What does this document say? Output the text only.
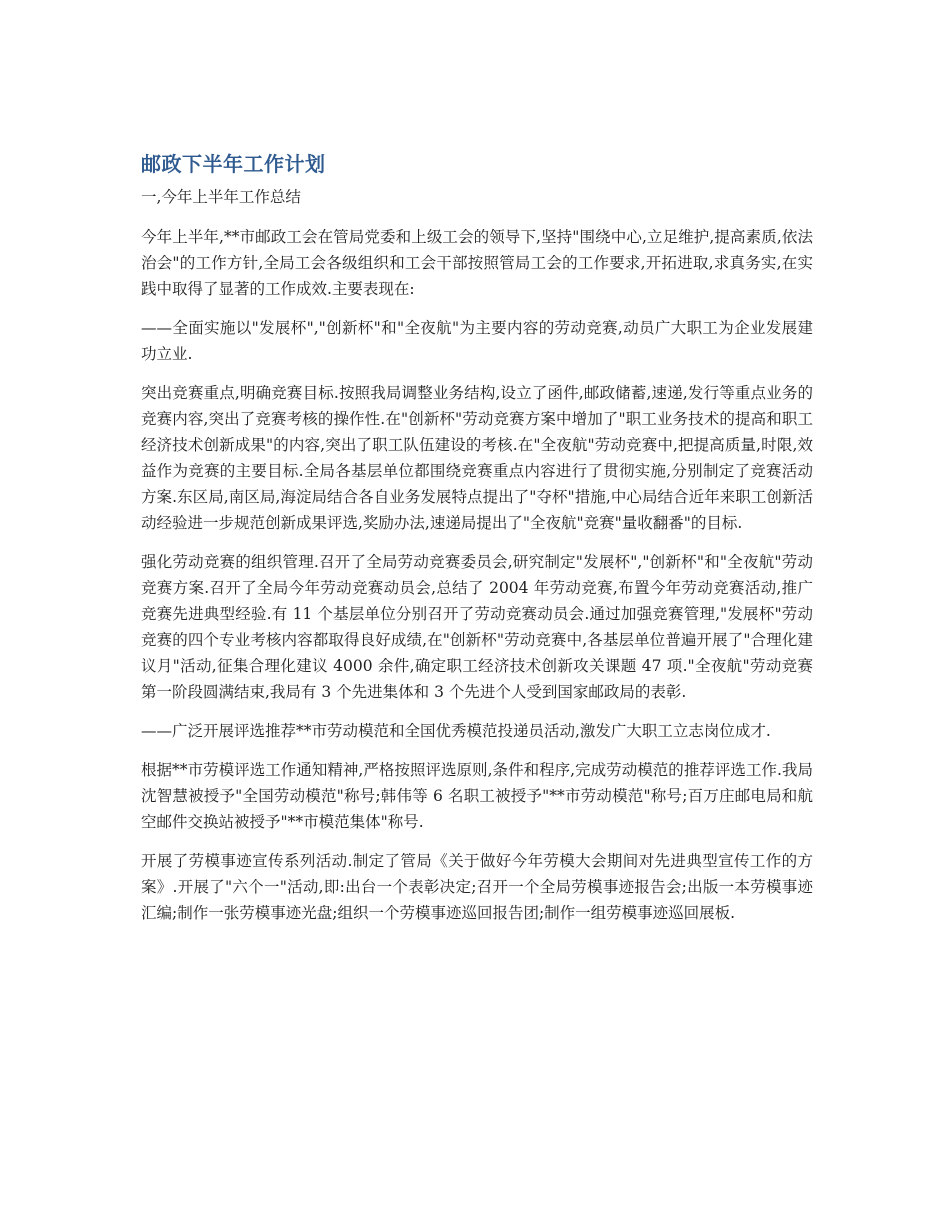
邮政下半年工作计划
一,今年上半年工作总结

今年上半年,**市邮政工会在管局党委和上级工会的领导下,坚持"围绕中心,立足维护,提高素质,依法治会"的工作方针,全局工会各级组织和工会干部按照管局工会的工作要求,开拓进取,求真务实,在实践中取得了显著的工作成效.主要表现在:

——全面实施以"发展杯","创新杯"和"全夜航"为主要内容的劳动竞赛,动员广大职工为企业发展建功立业.

突出竞赛重点,明确竞赛目标.按照我局调整业务结构,设立了函件,邮政储蓄,速递,发行等重点业务的竞赛内容,突出了竞赛考核的操作性.在"创新杯"劳动竞赛方案中增加了"职工业务技术的提高和职工经济技术创新成果"的内容,突出了职工队伍建设的考核.在"全夜航"劳动竞赛中,把提高质量,时限,效益作为竞赛的主要目标.全局各基层单位都围绕竞赛重点内容进行了贯彻实施,分别制定了竞赛活动方案.东区局,南区局,海淀局结合各自业务发展特点提出了"夺杯"措施,中心局结合近年来职工创新活动经验进一步规范创新成果评选,奖励办法,速递局提出了"全夜航"竞赛"量收翻番"的目标.

强化劳动竞赛的组织管理.召开了全局劳动竞赛委员会,研究制定"发展杯","创新杯"和"全夜航"劳动竞赛方案.召开了全局今年劳动竞赛动员会,总结了 2004 年劳动竞赛,布置今年劳动竞赛活动,推广竞赛先进典型经验.有 11 个基层单位分别召开了劳动竞赛动员会.通过加强竞赛管理,"发展杯"劳动竞赛的四个专业考核内容都取得良好成绩,在"创新杯"劳动竞赛中,各基层单位普遍开展了"合理化建议月"活动,征集合理化建议 4000 余件,确定职工经济技术创新攻关课题 47 项."全夜航"劳动竞赛第一阶段圆满结束,我局有 3 个先进集体和 3 个先进个人受到国家邮政局的表彰.

——广泛开展评选推荐**市劳动模范和全国优秀模范投递员活动,激发广大职工立志岗位成才.

根据**市劳模评选工作通知精神,严格按照评选原则,条件和程序,完成劳动模范的推荐评选工作.我局沈智慧被授予"全国劳动模范"称号;韩伟等 6 名职工被授予"**市劳动模范"称号;百万庄邮电局和航空邮件交换站被授予"**市模范集体"称号.

开展了劳模事迹宣传系列活动.制定了管局《关于做好今年劳模大会期间对先进典型宣传工作的方案》.开展了"六个一"活动,即:出台一个表彰决定;召开一个全局劳模事迹报告会;出版一本劳模事迹汇编;制作一张劳模事迹光盘;组织一个劳模事迹巡回报告团;制作一组劳模事迹巡回展板.
